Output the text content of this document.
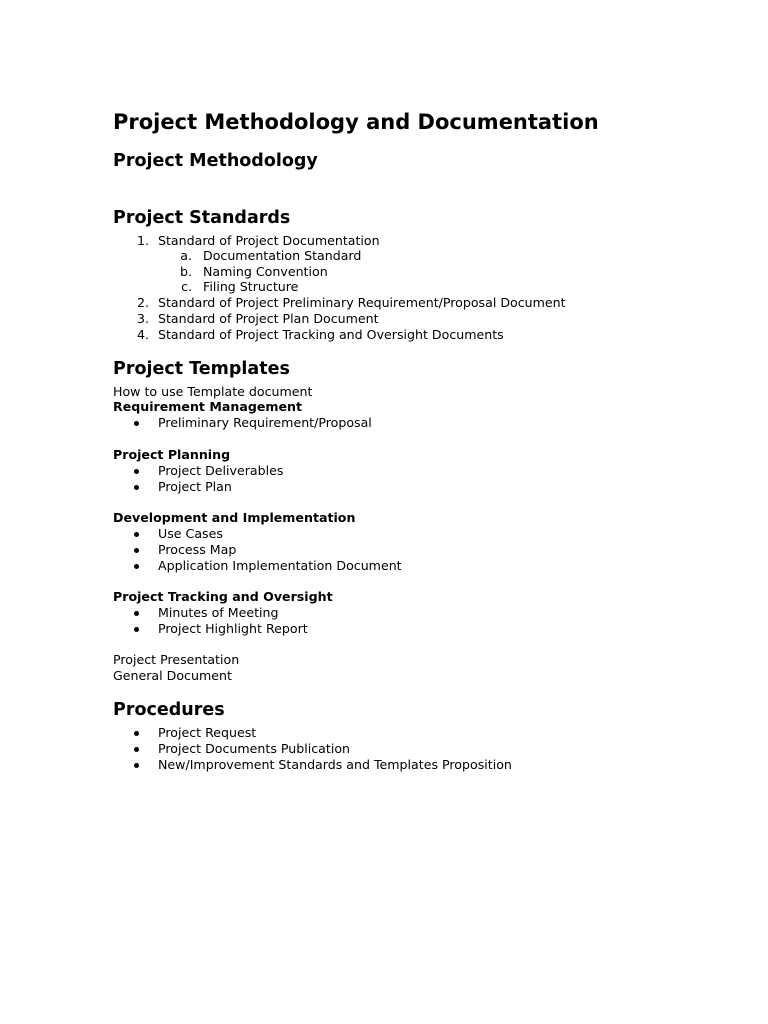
Project Methodology and Documentation
Project Methodology
Project Standards
1. Standard of Project Documentation

a. Documentation Standard

b. Naming Convention

c. Filing Structure

2. Standard of Project Preliminary Requirement/Proposal Document

3. Standard of Project Plan Document

4. Standard of Project Tracking and Oversight Documents

Project Templates

How to use Template document

Requirement Management

Preliminary Requirement/Proposal

Project Planning

Project Deliverables

Project Plan

Development and Implementation

Use Cases

Process Map

Application Implementation Document

Project Tracking and Oversight

Minutes of Meeting

Project Highlight Report

Project Presentation

General Document

Procedures

Project Request

Project Documents Publication

New/Improvement Standards and Templates Proposition
